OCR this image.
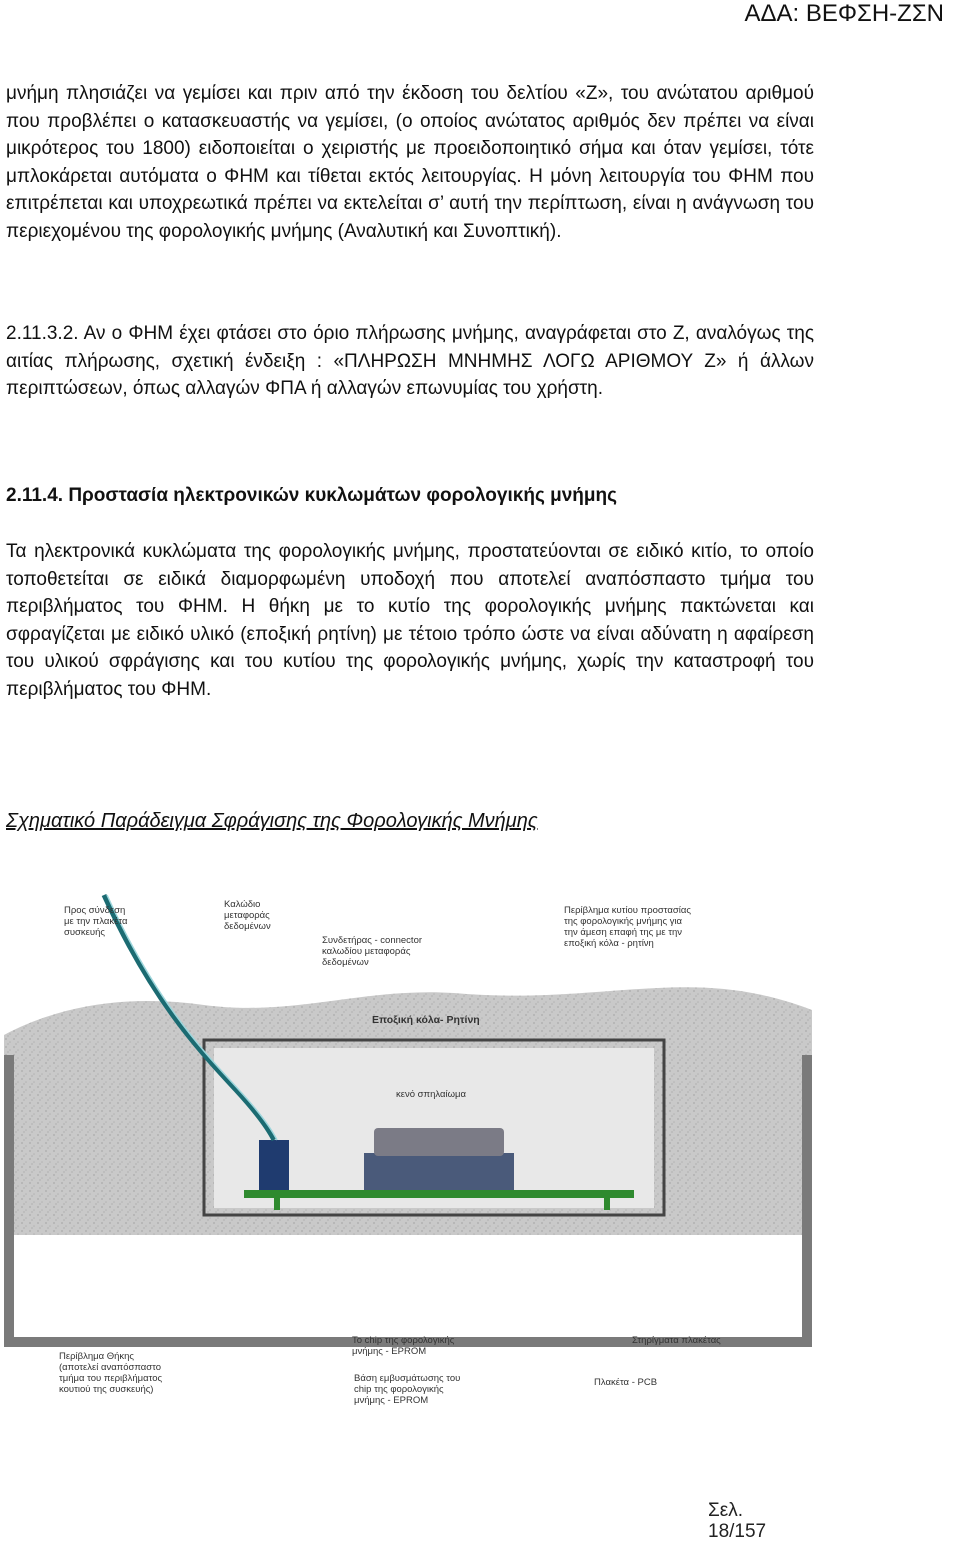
ΑΔΑ: ΒΕΦΣΗ-ΖΣΝ
μνήμη πλησιάζει να γεμίσει και πριν από την έκδοση του δελτίου «Ζ», του ανώτατου αριθμού που προβλέπει ο κατασκευαστής να γεμίσει, (ο οποίος ανώτατος αριθμός δεν πρέπει να είναι μικρότερος του 1800) ειδοποιείται ο χειριστής με προειδοποιητικό σήμα και όταν γεμίσει, τότε μπλοκάρεται αυτόματα ο ΦΗΜ και τίθεται εκτός λειτουργίας. Η μόνη λειτουργία του ΦΗΜ που επιτρέπεται και υποχρεωτικά πρέπει να εκτελείται σ’ αυτή την περίπτωση, είναι η ανάγνωση του περιεχομένου της φορολογικής μνήμης (Αναλυτική και Συνοπτική).
2.11.3.2. Αν ο ΦΗΜ έχει φτάσει στο όριο πλήρωσης μνήμης, αναγράφεται στο Ζ, αναλόγως της αιτίας πλήρωσης, σχετική ένδειξη : «ΠΛΗΡΩΣΗ ΜΝΗΜΗΣ ΛΟΓΩ ΑΡΙΘΜΟΥ Ζ» ή άλλων περιπτώσεων, όπως αλλαγών ΦΠΑ ή αλλαγών επωνυμίας του χρήστη.
2.11.4. Προστασία ηλεκτρονικών κυκλωμάτων φορολογικής μνήμης
Τα ηλεκτρονικά κυκλώματα της φορολογικής μνήμης, προστατεύονται σε ειδικό κιτίο, το οποίο τοποθετείται σε ειδικά διαμορφωμένη υποδοχή που αποτελεί αναπόσπαστο τμήμα του περιβλήματος του ΦΗΜ. Η θήκη με το κυτίο της φορολογικής μνήμης πακτώνεται και σφραγίζεται με ειδικό υλικό (εποξική ρητίνη) με τέτοιο τρόπο ώστε να είναι αδύνατη η αφαίρεση του υλικού σφράγισης και του κυτίου της φορολογικής μνήμης, χωρίς την καταστροφή του περιβλήματος του ΦΗΜ.
Σχηματικό Παράδειγμα Σφράγισης της Φορολογικής Μνήμης
Προς σύνδεση
με την πλακέτα
συσκευής
Καλώδιο
μεταφοράς
δεδομένων
Συνδετήρας - connector
καλωδίου μεταφοράς
δεδομένων
Περίβλημα κυτίου προστασίας
της φορολογικής μνήμης για
την άμεση επαφή της με την
εποξική κόλα - ρητίνη
Εποξική κόλα- Ρητίνη
κενό σπηλαίωμα
Το chip της φορολογικής
μνήμης - EPROM
Στηρίγματα πλακέτας
Περίβλημα Θήκης
(αποτελεί αναπόσπαστο
τμήμα του περιβλήματος
κουτιού της συσκευής)
Βάση εμβυσμάτωσης του
chip της φορολογικής
μνήμης - EPROM
Πλακέτα - PCB
Σελ.
18/157
